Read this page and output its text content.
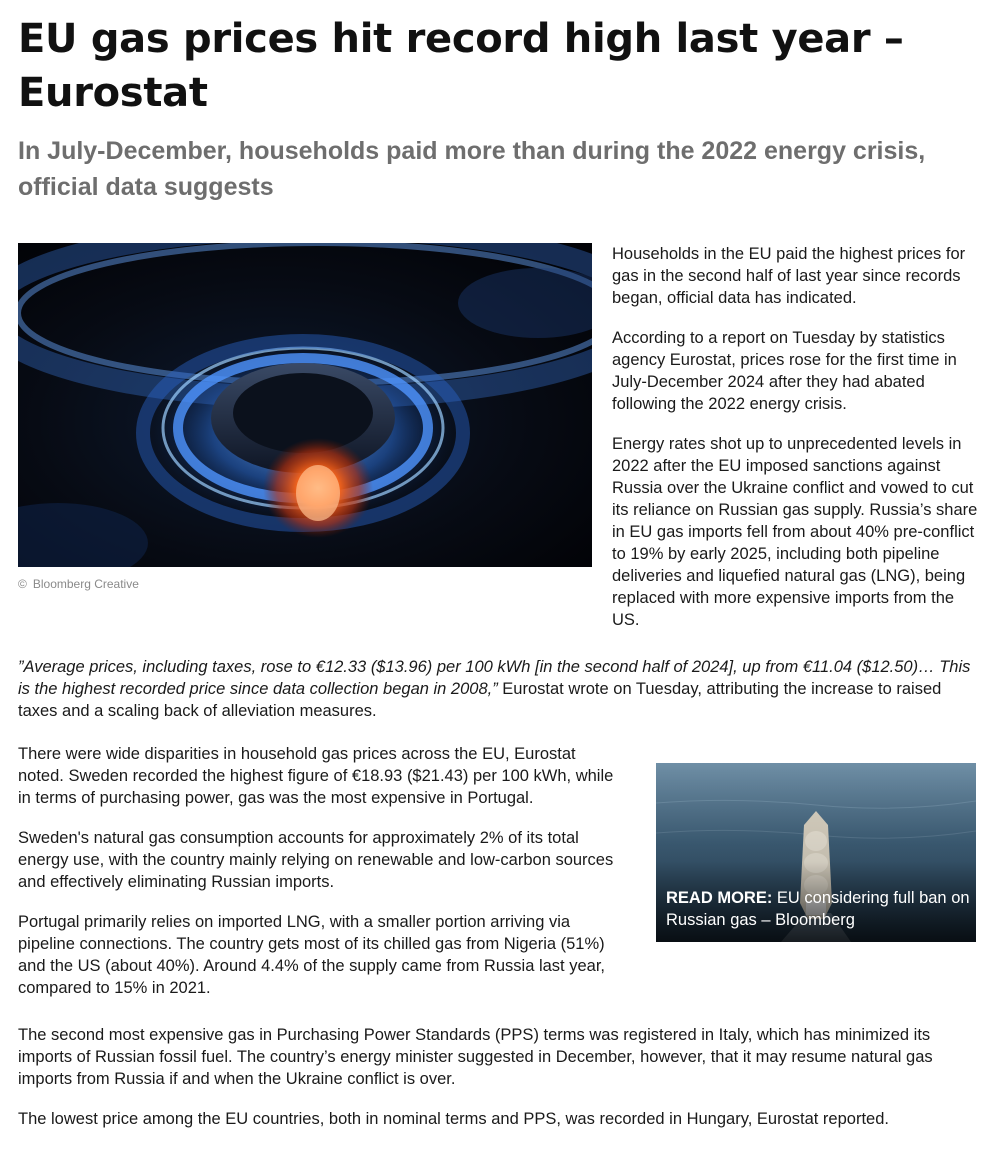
EU gas prices hit record high last year – Eurostat
In July-December, households paid more than during the 2022 energy crisis, official data suggests
© Bloomberg Creative

Households in the EU paid the highest prices for gas in the second half of last year since records began, official data has indicated.

According to a report on Tuesday by statistics agency Eurostat, prices rose for the first time in July-December 2024 after they had abated following the 2022 energy crisis.

Energy rates shot up to unprecedented levels in 2022 after the EU imposed sanctions against Russia over the Ukraine conflict and vowed to cut its reliance on Russian gas supply. Russia’s share in EU gas imports fell from about 40% pre-conflict to 19% by early 2025, including both pipeline deliveries and liquefied natural gas (LNG), being replaced with more expensive imports from the US.

”Average prices, including taxes, rose to €12.33 ($13.96) per 100 kWh [in the second half of 2024], up from €11.04 ($12.50)… This is the highest recorded price since data collection began in 2008,” Eurostat wrote on Tuesday, attributing the increase to raised taxes and a scaling back of alleviation measures.

There were wide disparities in household gas prices across the EU, Eurostat noted. Sweden recorded the highest figure of €18.93 ($21.43) per 100 kWh, while in terms of purchasing power, gas was the most expensive in Portugal.

Sweden's natural gas consumption accounts for approximately 2% of its total energy use, with the country mainly relying on renewable and low-carbon sources and effectively eliminating Russian imports.

Portugal primarily relies on imported LNG, with a smaller portion arriving via pipeline connections. The country gets most of its chilled gas from Nigeria (51%) and the US (about 40%). Around 4.4% of the supply came from Russia last year, compared to 15% in 2021.

READ MORE: EU considering full ban on Russian gas – Bloomberg

The second most expensive gas in Purchasing Power Standards (PPS) terms was registered in Italy, which has minimized its imports of Russian fossil fuel. The country’s energy minister suggested in December, however, that it may resume natural gas imports from Russia if and when the Ukraine conflict is over.

The lowest price among the EU countries, both in nominal terms and PPS, was recorded in Hungary, Eurostat reported.
